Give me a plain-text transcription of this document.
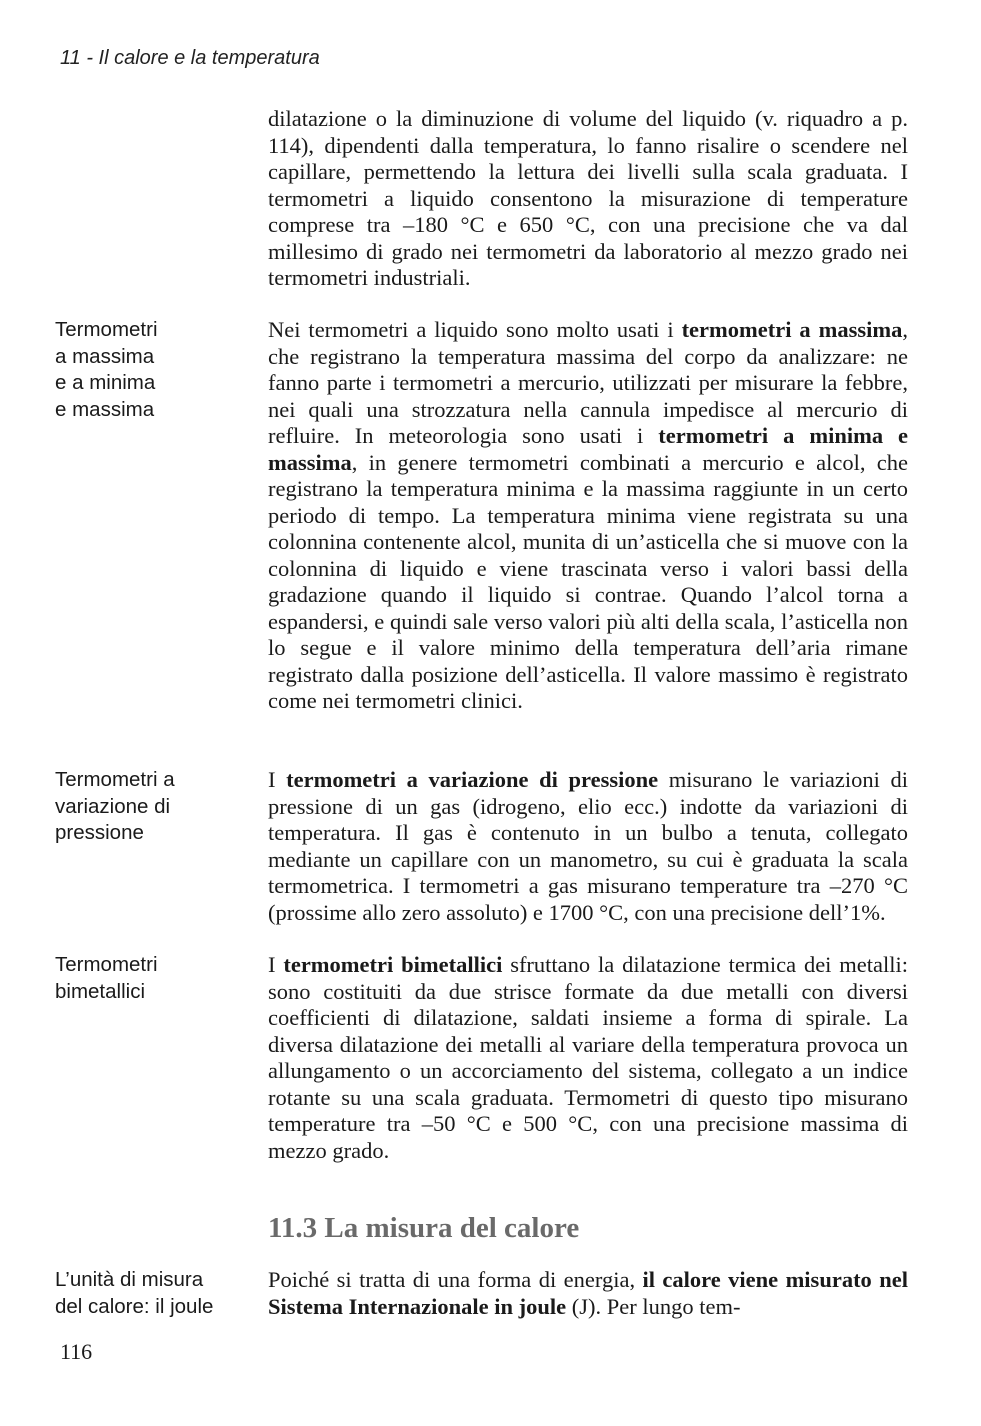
11 - Il calore e la temperatura

dilatazione o la diminuzione di volume del liquido (v. riquadro a p. 114), dipendenti dalla temperatura, lo fanno risalire o scendere nel capillare, permettendo la lettura dei livelli sulla scala graduata. I termometri a liquido consentono la misurazione di temperature comprese tra –180 °C e 650 °C, con una precisione che va dal millesimo di grado nei termometri da laboratorio al mezzo grado nei termometri industriali.

Termometri a massima e a minima e massima

Nei termometri a liquido sono molto usati i termometri a massima, che registrano la temperatura massima del corpo da analizzare: ne fanno parte i termometri a mercurio, utilizzati per misurare la febbre, nei quali una strozzatura nella cannula impedisce al mercurio di refluire. In meteorologia sono usati i termometri a minima e massima, in genere termometri combinati a mercurio e alcol, che registrano la temperatura minima e la massima raggiunte in un certo periodo di tempo. La temperatura minima viene registrata su una colonnina contenente alcol, munita di un’asticella che si muove con la colonnina di liquido e viene trascinata verso i valori bassi della gradazione quando il liquido si contrae. Quando l’alcol torna a espandersi, e quindi sale verso valori più alti della scala, l’asticella non lo segue e il valore minimo della temperatura dell’aria rimane registrato dalla posizione dell’asticella. Il valore massimo è registrato come nei termometri clinici.

Termometri a variazione di pressione

I termometri a variazione di pressione misurano le variazioni di pressione di un gas (idrogeno, elio ecc.) indotte da variazioni di temperatura. Il gas è contenuto in un bulbo a tenuta, collegato mediante un capillare con un manometro, su cui è graduata la scala termometrica. I termometri a gas misurano temperature tra –270 °C (prossime allo zero assoluto) e 1700 °C, con una precisione dell’1%.

Termometri bimetallici

I termometri bimetallici sfruttano la dilatazione termica dei metalli: sono costituiti da due strisce formate da due metalli con diversi coefficienti di dilatazione, saldati insieme a forma di spirale. La diversa dilatazione dei metalli al variare della temperatura provoca un allungamento o un accorciamento del sistema, collegato a un indice rotante su una scala graduata. Termometri di questo tipo misurano temperature tra –50 °C e 500 °C, con una precisione massima di mezzo grado.

11.3 La misura del calore
L’unità di misura del calore: il joule

Poiché si tratta di una forma di energia, il calore viene misurato nel Sistema Internazionale in joule (J). Per lungo tem-

116
